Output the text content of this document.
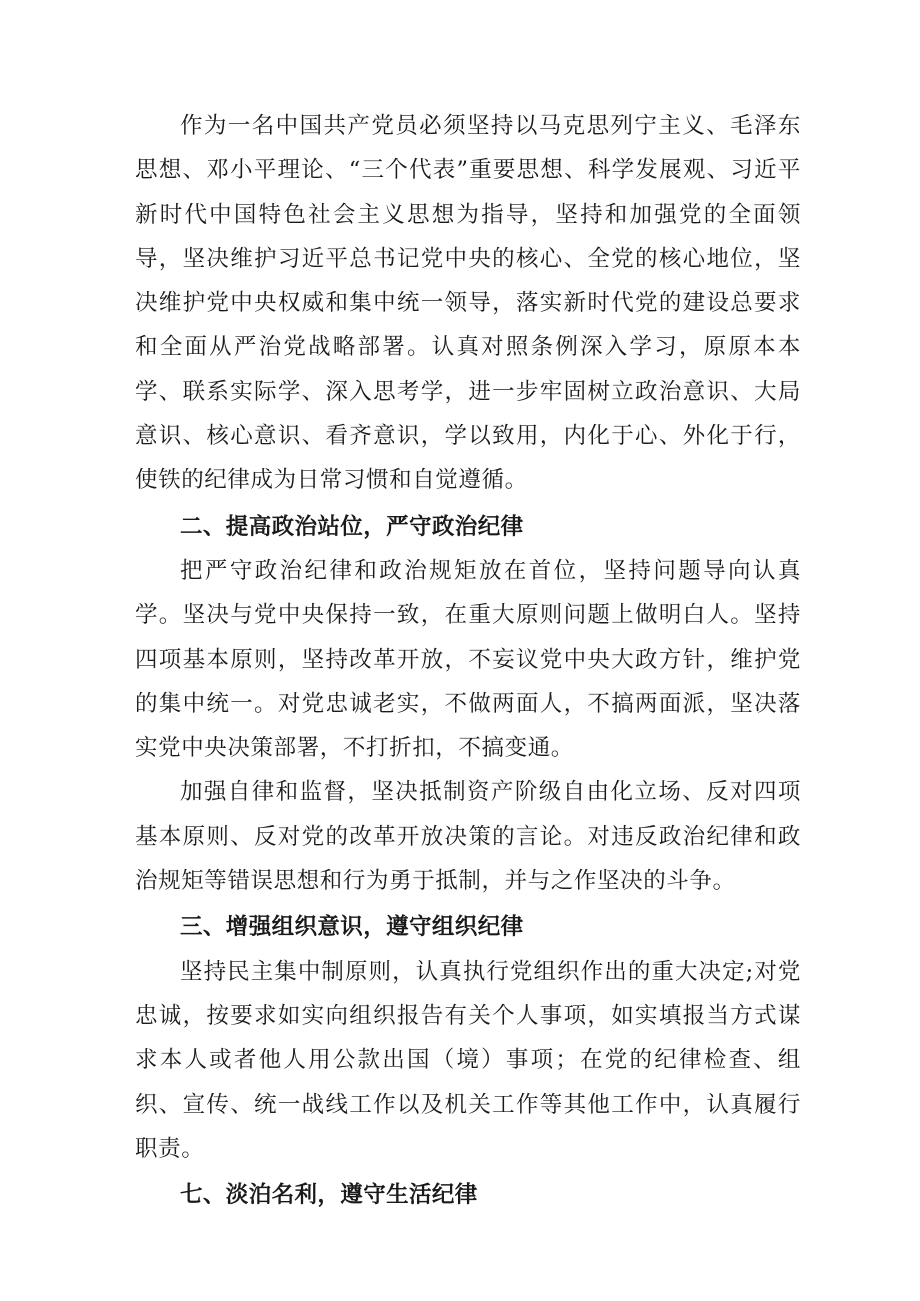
作为一名中国共产党员必须坚持以马克思列宁主义、毛泽东思想、邓小平理论、“三个代表”重要思想、科学发展观、习近平新时代中国特色社会主义思想为指导，坚持和加强党的全面领导，坚决维护习近平总书记党中央的核心、全党的核心地位，坚决维护党中央权威和集中统一领导，落实新时代党的建设总要求和全面从严治党战略部署。认真对照条例深入学习，原原本本学、联系实际学、深入思考学，进一步牢固树立政治意识、大局意识、核心意识、看齐意识，学以致用，内化于心、外化于行，使铁的纪律成为日常习惯和自觉遵循。

二、提高政治站位，严守政治纪律

把严守政治纪律和政治规矩放在首位，坚持问题导向认真学。坚决与党中央保持一致，在重大原则问题上做明白人。坚持四项基本原则，坚持改革开放，不妄议党中央大政方针，维护党的集中统一。对党忠诚老实，不做两面人，不搞两面派，坚决落实党中央决策部署，不打折扣，不搞变通。

加强自律和监督，坚决抵制资产阶级自由化立场、反对四项基本原则、反对党的改革开放决策的言论。对违反政治纪律和政治规矩等错误思想和行为勇于抵制，并与之作坚决的斗争。

三、增强组织意识，遵守组织纪律

坚持民主集中制原则，认真执行党组织作出的重大决定;对党忠诚，按要求如实向组织报告有关个人事项，如实填报当方式谋求本人或者他人用公款出国（境）事项；在党的纪律检查、组织、宣传、统一战线工作以及机关工作等其他工作中，认真履行职责。

七、淡泊名利，遵守生活纪律
